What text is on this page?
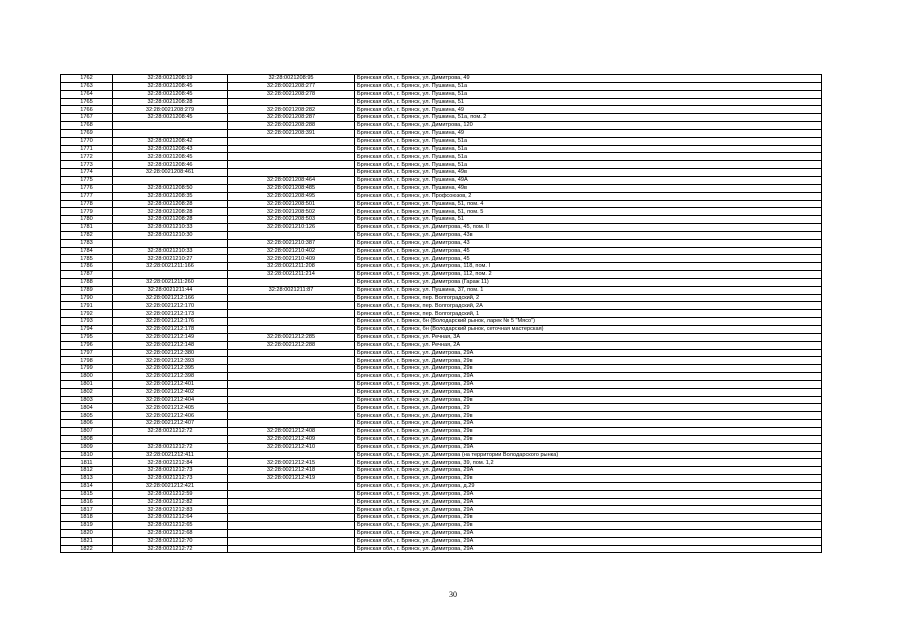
1762	32:28:0021208:19	32:28:0021208:95	Брянская обл., г. Брянск, ул. Димитрова, 49
1763	32:28:0021208:45	32:28:0021208:277	Брянская обл., г. Брянск, ул. Пушкина, 51а
1764	32:28:0021208:45	32:28:0021208:278	Брянская обл., г. Брянск, ул. Пушкина, 51а
1765	32:28:0021208:28		Брянская обл., г. Брянск, ул. Пушкина, 51
1766	32:28:0021208:279	32:28:0021208:282	Брянская обл., г. Брянск, ул. Пушкина, 49
1767	32:28:0021208:45	32:28:0021208:287	Брянская обл., г. Брянск, ул. Пушкина, 51а, пом. 2
1768		32:28:0021208:288	Брянская обл., г. Брянск, ул. Димитрова, 120
1769		32:28:0021208:391	Брянская обл., г. Брянск, ул. Пушкина, 49
1770	32:28:0021208:42		Брянская обл., г. Брянск, ул. Пушкина, 51а
1771	32:28:0021208:43		Брянская обл., г. Брянск, ул. Пушкина, 51а
1772	32:28:0021208:45		Брянская обл., г. Брянск, ул. Пушкина, 51а
1773	32:28:0021208:46		Брянская обл., г. Брянск, ул. Пушкина, 51а
1774	32:28:0021208:461		Брянская обл., г. Брянск, ул. Пушкина, 49в
1775		32:28:0021208:464	Брянская обл., г. Брянск, ул. Пушкина, 49А
1776	32:28:0021208:50	32:28:0021208:485	Брянская обл., г. Брянск, ул. Пушкина, 49в
1777	32:28:0021208:35	32:28:0021208:495	Брянская обл., г. Брянск, ул. Профсоюзов, 2
1778	32:28:0021208:28	32:28:0021208:501	Брянская обл., г. Брянск, ул. Пушкина, 51, пом. 4
1779	32:28:0021208:28	32:28:0021208:502	Брянская обл., г. Брянск, ул. Пушкина, 51, пом. 5
1780	32:28:0021208:28	32:28:0021208:503	Брянская обл., г. Брянск, ул. Пушкина, 51
1781	32:28:0021210:33	32:28:0021210:126	Брянская обл., г. Брянск, ул. Димитрова, 45, пом. II
1782	32:28:0021210:30		Брянская обл., г. Брянск, ул. Димитрова, 43в
1783		32:28:0021210:387	Брянская обл., г. Брянск, ул. Димитрова, 43
1784	32:28:0021210:33	32:28:0021210:402	Брянская обл., г. Брянск, ул. Димитрова, 45
1785	32:28:0021210:27	32:28:0021210:409	Брянская обл., г. Брянск, ул. Димитрова, 45
1786	32:28:0021211:166	32:28:0021211:208	Брянская обл., г. Брянск, ул. Димитрова, 118, пом. I
1787		32:28:0021211:214	Брянская обл., г. Брянск, ул. Димитрова, 112, пом. 2
1788	32:28:0021211:260		Брянская обл., г. Брянск, ул. Димитрова (Гараж 11)
1789	32:28:0021211:44	32:28:0021211:87	Брянская обл., г. Брянск, ул. Пушкина, 37, пом. 1
1790	32:28:0021212:166		Брянская обл., г. Брянск, пер. Волгоградский, 2
1791	32:28:0021212:170		Брянская обл., г. Брянск, пер. Волгоградский, 2А
1792	32:28:0021212:173		Брянская обл., г. Брянск, пер. Волгоградский, 1
1793	32:28:0021212:176		Брянская обл., г. Брянск, бн (Володарский рынок, ларек № 5 "Мясо")
1794	32:28:0021212:178		Брянская обл., г. Брянск, бн (Володарский рынок, сеточная мастерская)
1795	32:28:0021212:149	32:28:0021212:285	Брянская обл., г. Брянск, ул. Речная, 3А
1796	32:28:0021212:148	32:28:0021212:288	Брянская обл., г. Брянск, ул. Речная, 2А
1797	32:28:0021212:380		Брянская обл., г. Брянск, ул. Димитрова, 29А
1798	32:28:0021212:393		Брянская обл., г. Брянск, ул. Димитрова, 29в
1799	32:28:0021212:395		Брянская обл., г. Брянск, ул. Димитрова, 29в
1800	32:28:0021212:398		Брянская обл., г. Брянск, ул. Димитрова, 29А
1801	32:28:0021212:401		Брянская обл., г. Брянск, ул. Димитрова, 29А
1802	32:28:0021212:402		Брянская обл., г. Брянск, ул. Димитрова, 29А
1803	32:28:0021212:404		Брянская обл., г. Брянск, ул. Димитрова, 29в
1804	32:28:0021212:405		Брянская обл., г. Брянск, ул. Димитрова, 29
1805	32:28:0021212:406		Брянская обл., г. Брянск, ул. Димитрова, 29в
1806	32:28:0021212:407		Брянская обл., г. Брянск, ул. Димитрова, 29А
1807	32:28:0021212:72	32:28:0021212:408	Брянская обл., г. Брянск, ул. Димитрова, 29в
1808		32:28:0021212:409	Брянская обл., г. Брянск, ул. Димитрова, 29в
1809	32:28:0021212:72	32:28:0021212:410	Брянская обл., г. Брянск, ул. Димитрова, 29А
1810	32:28:0021212:411		Брянская обл., г. Брянск, ул. Димитрова (на территории Володарского рынка)
1811	32:28:0021212:84	32:28:0021212:415	Брянская обл., г. Брянск, ул. Димитрова, 39, пом. 1,2
1812	32:28:0021212:73	32:28:0021212:418	Брянская обл., г. Брянск, ул. Димитрова, 29А
1813	32:28:0021212:73	32:28:0021212:419	Брянская обл., г. Брянск, ул. Димитрова, 29в
1814	32:28:0021212:421		Брянская обл., г. Брянск, ул. Димитрова, д.29
1815	32:28:0021212:59		Брянская обл., г. Брянск, ул. Димитрова, 29А
1816	32:28:0021212:82		Брянская обл., г. Брянск, ул. Димитрова, 29А
1817	32:28:0021212:83		Брянская обл., г. Брянск, ул. Димитрова, 29А
1818	32:28:0021212:64		Брянская обл., г. Брянск, ул. Димитрова, 29в
1819	32:28:0021212:65		Брянская обл., г. Брянск, ул. Димитрова, 29в
1820	32:28:0021212:68		Брянская обл., г. Брянск, ул. Димитрова, 29А
1821	32:28:0021212:70		Брянская обл., г. Брянск, ул. Димитрова, 29А
1822	32:28:0021212:72		Брянская обл., г. Брянск, ул. Димитрова, 29А
30
